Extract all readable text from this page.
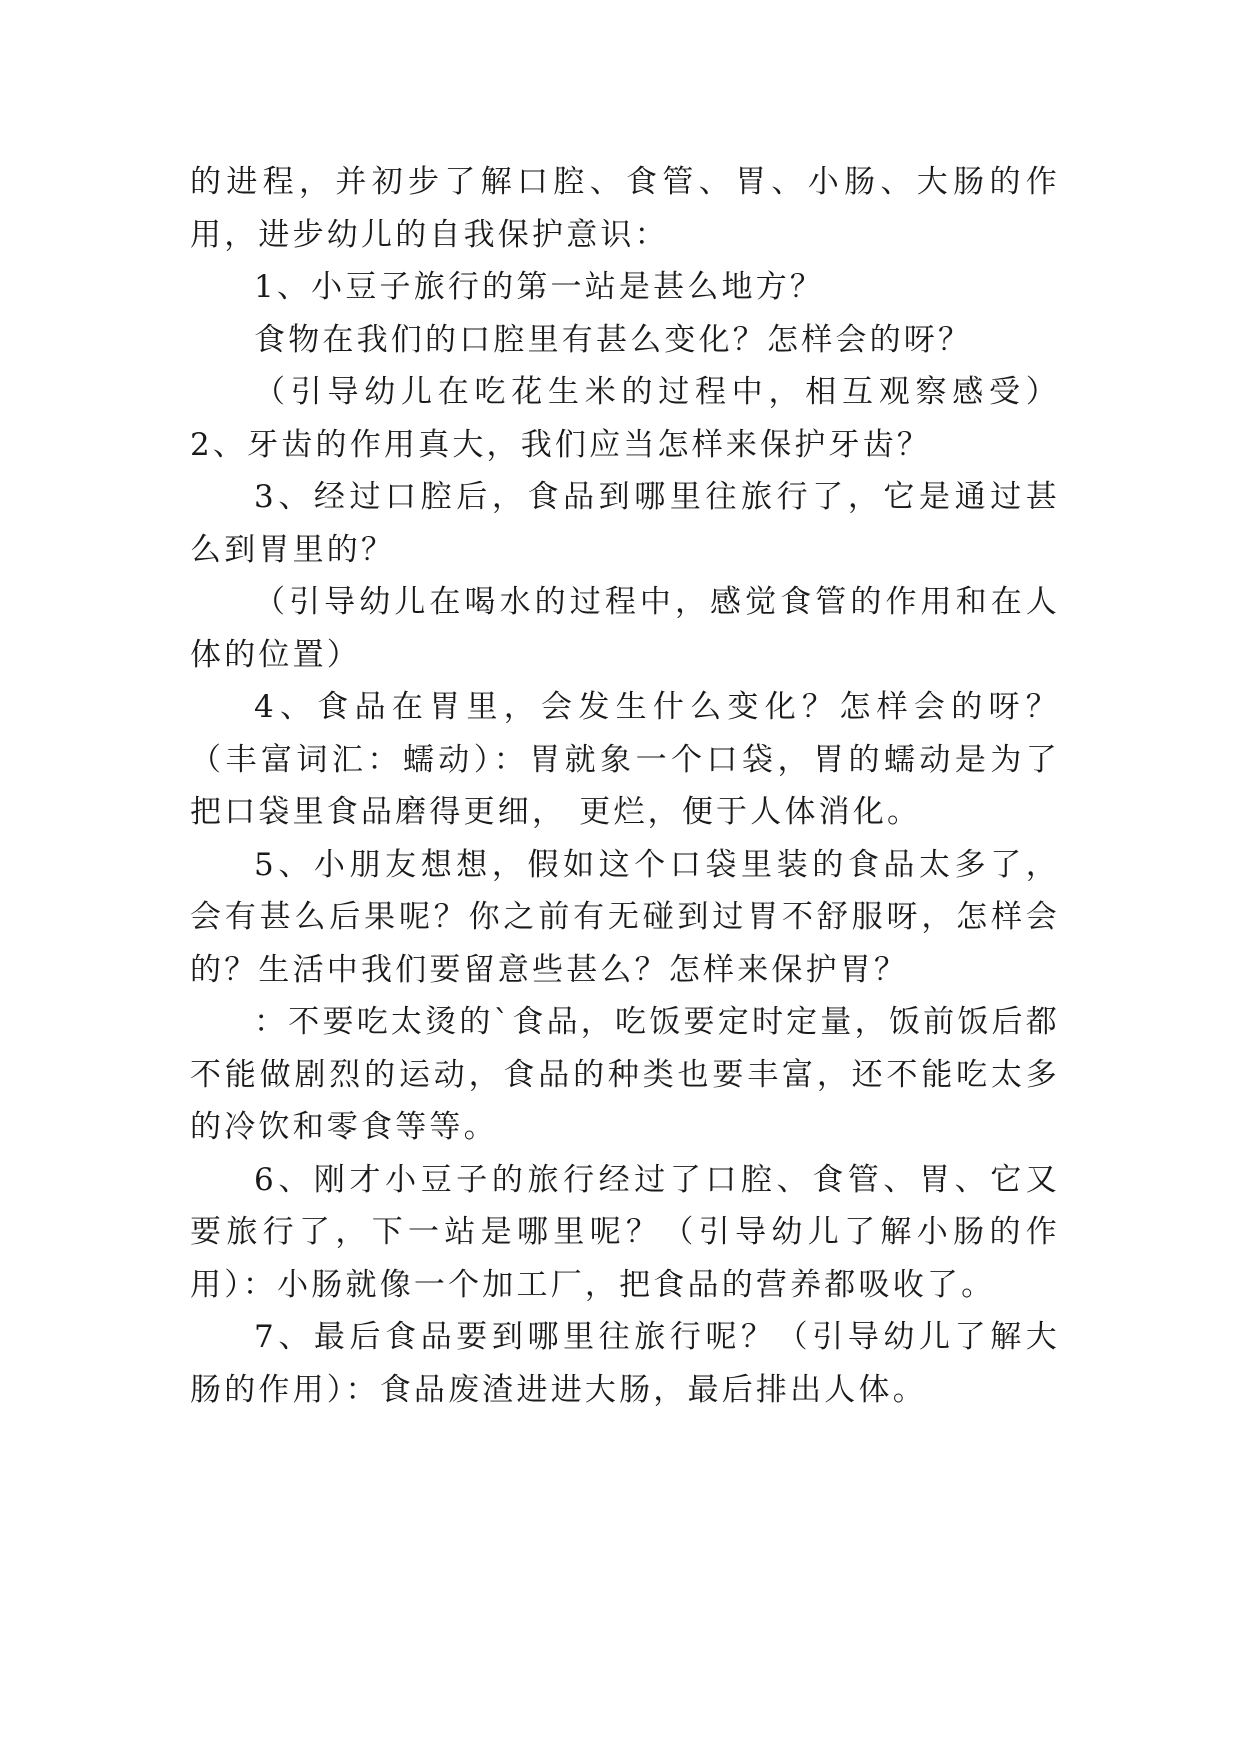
的进程，并初步了解口腔、食管、胃、小肠、大肠的作用，进步幼儿的自我保护意识：

1、小豆子旅行的第一站是甚么地方？

食物在我们的口腔里有甚么变化？怎样会的呀？

（引导幼儿在吃花生米的过程中，相互观察感受）2、牙齿的作用真大，我们应当怎样来保护牙齿？

3、经过口腔后，食品到哪里往旅行了，它是通过甚么到胃里的？

（引导幼儿在喝水的过程中，感觉食管的作用和在人体的位置）

4、食品在胃里，会发生什么变化？怎样会的呀？（丰富词汇：蠕动）：胃就象一个口袋，胃的蠕动是为了把口袋里食品磨得更细， 更烂，便于人体消化。

5、小朋友想想，假如这个口袋里装的食品太多了，会有甚么后果呢？你之前有无碰到过胃不舒服呀，怎样会的？生活中我们要留意些甚么？怎样来保护胃？

：不要吃太烫的`食品，吃饭要定时定量，饭前饭后都不能做剧烈的运动，食品的种类也要丰富，还不能吃太多的冷饮和零食等等。

6、刚才小豆子的旅行经过了口腔、食管、胃、它又要旅行了，下一站是哪里呢？（引导幼儿了解小肠的作用）：小肠就像一个加工厂，把食品的营养都吸收了。

7、最后食品要到哪里往旅行呢？（引导幼儿了解大肠的作用）：食品废渣进进大肠，最后排出人体。
